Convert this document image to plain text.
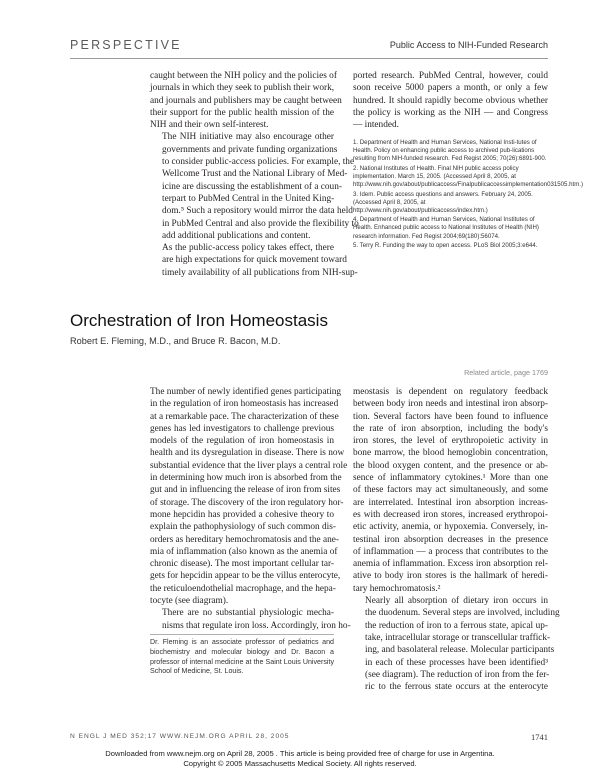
PERSPECTIVE	Public Access to NIH-Funded Research

caught between the NIH policy and the policies of
journals in which they seek to publish their work,
and journals and publishers may be caught between
their support for the public health mission of the
NIH and their own self-interest.

The NIH initiative may also encourage other
governments and private funding organizations
to consider public-access policies. For example, the
Wellcome Trust and the National Library of Med-
icine are discussing the establishment of a coun-
terpart to PubMed Central in the United King-
dom.⁵ Such a repository would mirror the data held
in PubMed Central and also provide the flexibility to
add additional publications and content.

As the public-access policy takes effect, there
are high expectations for quick movement toward
timely availability of all publications from NIH-sup-

ported research. PubMed Central, however, could
soon receive 5000 papers a month, or only a few
hundred. It should rapidly become obvious whether
the policy is working as the NIH — and Congress
— intended.

1. Department of Health and Human Services, National Insti-tutes of Health. Policy on enhancing public access to archived pub-lications resulting from NIH-funded research. Fed Regist 2005; 70(26):6891-900.
2. National Institutes of Health. Final NIH public access policy implementation. March 15, 2005. (Accessed April 8, 2005, at http://www.nih.gov/about/publicaccess/Finalpublicaccessimplementation031505.htm.)
3. Idem. Public access questions and answers. February 24, 2005. (Accessed April 8, 2005, at http://www.nih.gov/about/publicaccess/index.htm.)
4. Department of Health and Human Services, National Institutes of Health. Enhanced public access to National Institutes of Health (NIH) research information. Fed Regist 2004;69(180):56074.
5. Terry R. Funding the way to open access. PLoS Biol 2005;3:e644.
Orchestration of Iron Homeostasis
Robert E. Fleming, M.D., and Bruce R. Bacon, M.D.
Related article, page 1769

The number of newly identified genes participating
in the regulation of iron homeostasis has increased
at a remarkable pace. The characterization of these
genes has led investigators to challenge previous
models of the regulation of iron homeostasis in
health and its dysregulation in disease. There is now
substantial evidence that the liver plays a central role
in determining how much iron is absorbed from the
gut and in influencing the release of iron from sites
of storage. The discovery of the iron regulatory hor-
mone hepcidin has provided a cohesive theory to
explain the pathophysiology of such common dis-
orders as hereditary hemochromatosis and the ane-
mia of inflammation (also known as the anemia of
chronic disease). The most important cellular tar-
gets for hepcidin appear to be the villus enterocyte,
the reticuloendothelial macrophage, and the hepa-
tocyte (see diagram).

There are no substantial physiologic mecha-
nisms that regulate iron loss. Accordingly, iron ho-

meostasis is dependent on regulatory feedback
between body iron needs and intestinal iron absorp-
tion. Several factors have been found to influence
the rate of iron absorption, including the body's
iron stores, the level of erythropoietic activity in
bone marrow, the blood hemoglobin concentration,
the blood oxygen content, and the presence or ab-
sence of inflammatory cytokines.¹ More than one
of these factors may act simultaneously, and some
are interrelated. Intestinal iron absorption increas-
es with decreased iron stores, increased erythropoi-
etic activity, anemia, or hypoxemia. Conversely, in-
testinal iron absorption decreases in the presence
of inflammation — a process that contributes to the
anemia of inflammation. Excess iron absorption rel-
ative to body iron stores is the hallmark of heredi-
tary hemochromatosis.²

Nearly all absorption of dietary iron occurs in
the duodenum. Several steps are involved, including
the reduction of iron to a ferrous state, apical up-
take, intracellular storage or transcellular traffick-
ing, and basolateral release. Molecular participants
in each of these processes have been identified³
(see diagram). The reduction of iron from the fer-
ric to the ferrous state occurs at the enterocyte

Dr. Fleming is an associate professor of pediatrics and biochemistry and molecular biology and Dr. Bacon a professor of internal medicine at the Saint Louis University School of Medicine, St. Louis.

N ENGL J MED 352;17 WWW.NEJM.ORG APRIL 28, 2005	1741
Downloaded from www.nejm.org on April 28, 2005 . This article is being provided free of charge for use in Argentina.
Copyright © 2005 Massachusetts Medical Society. All rights reserved.
